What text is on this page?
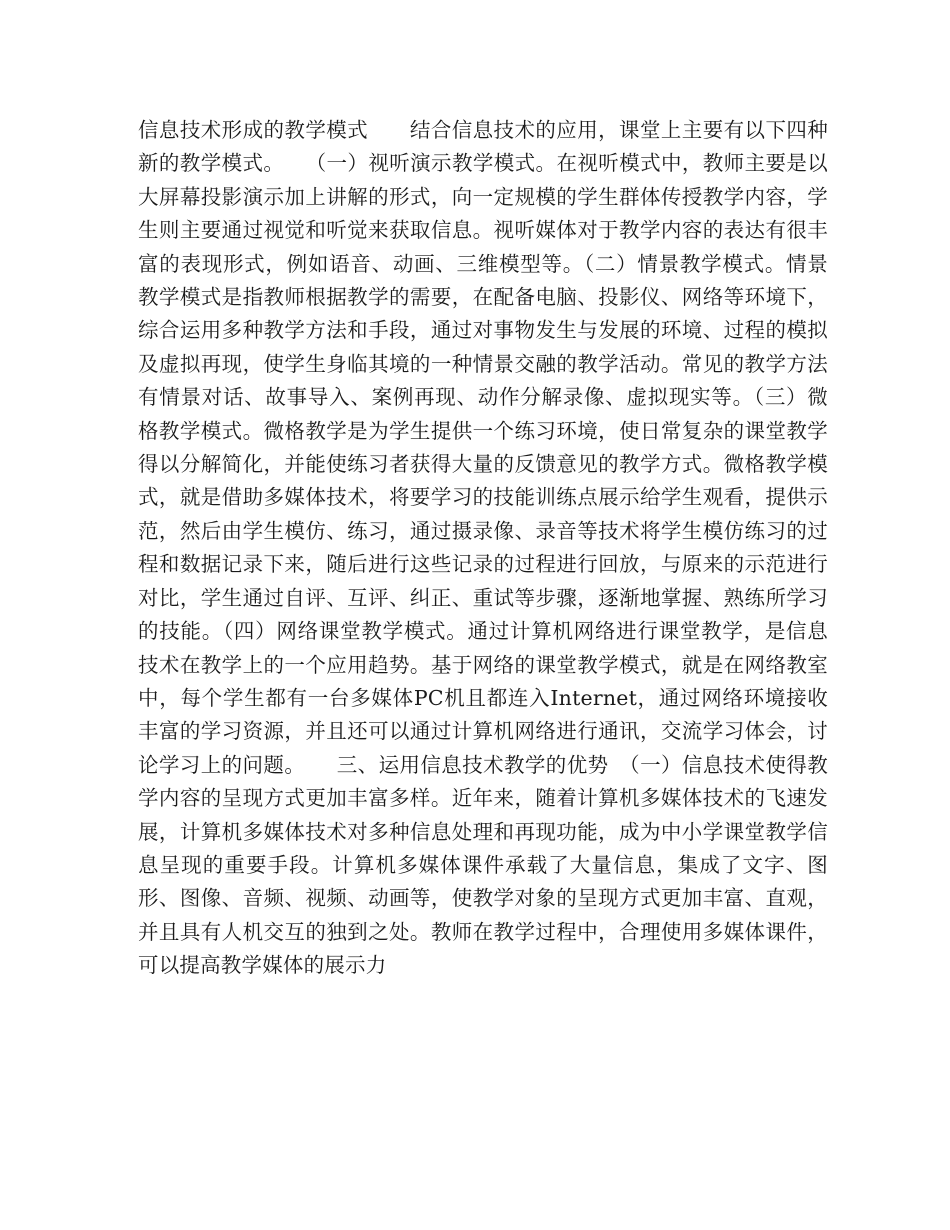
信息技术形成的教学模式　　结合信息技术的应用，课堂上主要有以下四种新的教学模式。　　（一）视听演示教学模式。在视听模式中，教师主要是以大屏幕投影演示加上讲解的形式，向一定规模的学生群体传授教学内容，学生则主要通过视觉和听觉来获取信息。视听媒体对于教学内容的表达有很丰富的表现形式，例如语音、动画、三维模型等。（二）情景教学模式。情景教学模式是指教师根据教学的需要，在配备电脑、投影仪、网络等环境下，综合运用多种教学方法和手段，通过对事物发生与发展的环境、过程的模拟及虚拟再现，使学生身临其境的一种情景交融的教学活动。常见的教学方法有情景对话、故事导入、案例再现、动作分解录像、虚拟现实等。（三）微格教学模式。微格教学是为学生提供一个练习环境，使日常复杂的课堂教学得以分解简化，并能使练习者获得大量的反馈意见的教学方式。微格教学模式，就是借助多媒体技术，将要学习的技能训练点展示给学生观看，提供示范，然后由学生模仿、练习，通过摄录像、录音等技术将学生模仿练习的过程和数据记录下来，随后进行这些记录的过程进行回放，与原来的示范进行对比，学生通过自评、互评、纠正、重试等步骤，逐渐地掌握、熟练所学习的技能。（四）网络课堂教学模式。通过计算机网络进行课堂教学，是信息技术在教学上的一个应用趋势。基于网络的课堂教学模式，就是在网络教室中，每个学生都有一台多媒体PC机且都连入Internet，通过网络环境接收丰富的学习资源，并且还可以通过计算机网络进行通讯，交流学习体会，讨论学习上的问题。　　三、运用信息技术教学的优势　（一）信息技术使得教学内容的呈现方式更加丰富多样。近年来，随着计算机多媒体技术的飞速发展，计算机多媒体技术对多种信息处理和再现功能，成为中小学课堂教学信息呈现的重要手段。计算机多媒体课件承载了大量信息，集成了文字、图形、图像、音频、视频、动画等，使教学对象的呈现方式更加丰富、直观，并且具有人机交互的独到之处。教师在教学过程中，合理使用多媒体课件，可以提高教学媒体的展示力
